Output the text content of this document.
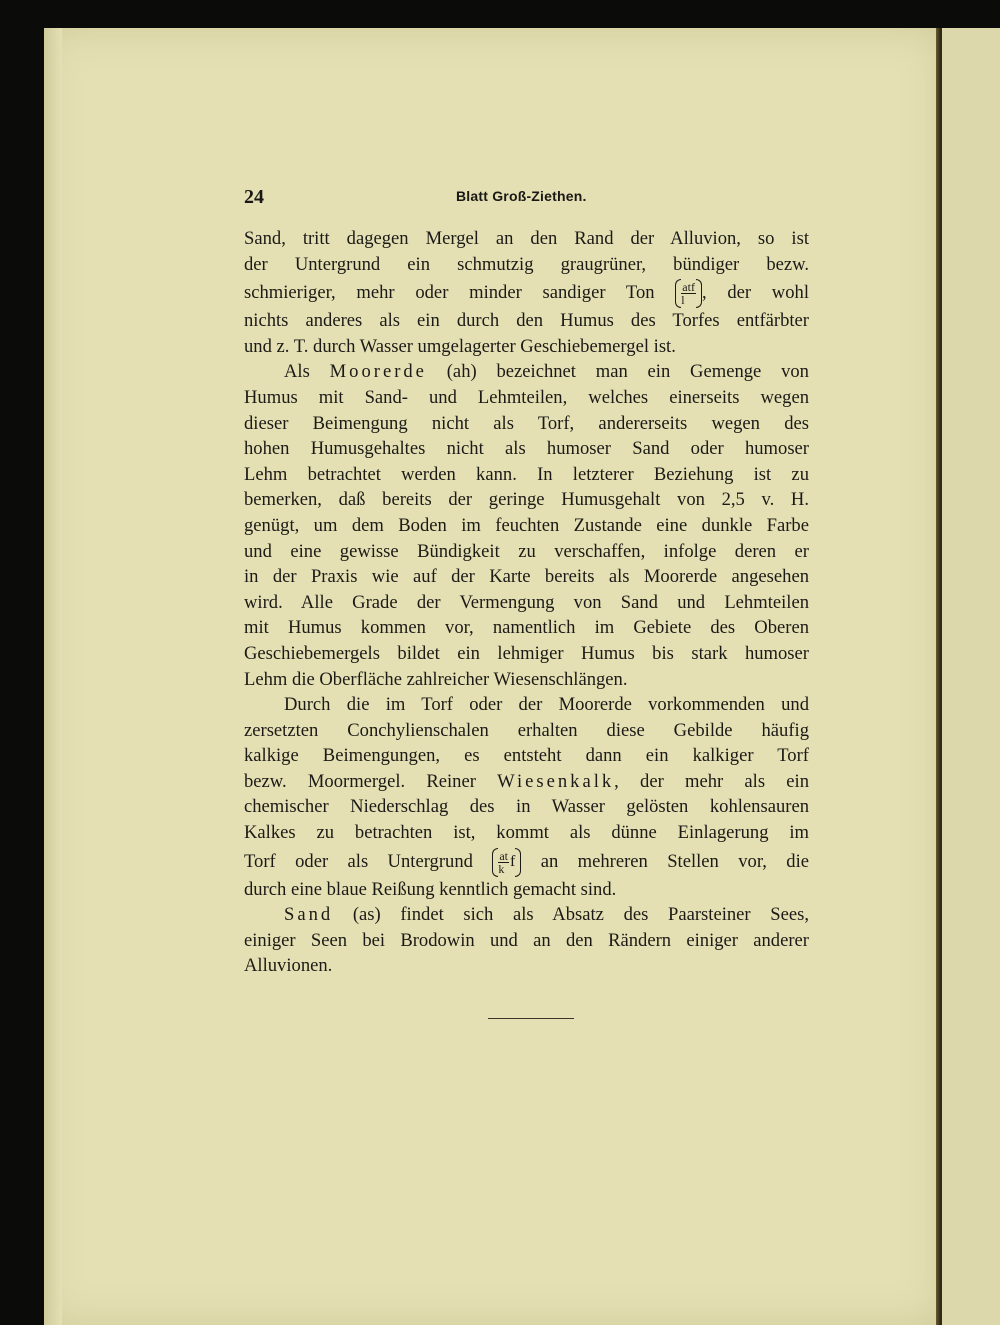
24	Blatt Groß-Ziethen.
Sand, tritt dagegen Mergel an den Rand der Alluvion, so ist
der Untergrund ein schmutzig graugrüner, bündiger bezw.
schmieriger, mehr oder minder sandiger Ton atf
l , der wohl
nichts anderes als ein durch den Humus des Torfes entfärbter
und z. T. durch Wasser umgelagerter Geschiebemergel ist.
Als Moorerde (ah) bezeichnet man ein Gemenge von
Humus mit Sand- und Lehmteilen, welches einerseits wegen
dieser Beimengung nicht als Torf, andererseits wegen des
hohen Humusgehaltes nicht als humoser Sand oder humoser
Lehm betrachtet werden kann. In letzterer Beziehung ist zu
bemerken, daß bereits der geringe Humusgehalt von 2,5 v. H.
genügt, um dem Boden im feuchten Zustande eine dunkle Farbe
und eine gewisse Bündigkeit zu verschaffen, infolge deren er
in der Praxis wie auf der Karte bereits als Moorerde angesehen
wird. Alle Grade der Vermengung von Sand und Lehmteilen
mit Humus kommen vor, namentlich im Gebiete des Oberen
Geschiebemergels bildet ein lehmiger Humus bis stark humoser
Lehm die Oberfläche zahlreicher Wiesenschlängen.
Durch die im Torf oder der Moorerde vorkommenden und
zersetzten Conchylienschalen erhalten diese Gebilde häufig
kalkige Beimengungen, es entsteht dann ein kalkiger Torf
bezw. Moormergel. Reiner Wiesenkalk, der mehr als ein
chemischer Niederschlag des in Wasser gelösten kohlensauren
Kalkes zu betrachten ist, kommt als dünne Einlagerung im
Torf oder als Untergrund $\frac{at}{k}$ f an mehreren Stellen vor, die
durch eine blaue Reißung kenntlich gemacht sind.
Sand (as) findet sich als Absatz des Paarsteiner Sees,
einiger Seen bei Brodowin und an den Rändern einiger anderer
Alluvionen.
